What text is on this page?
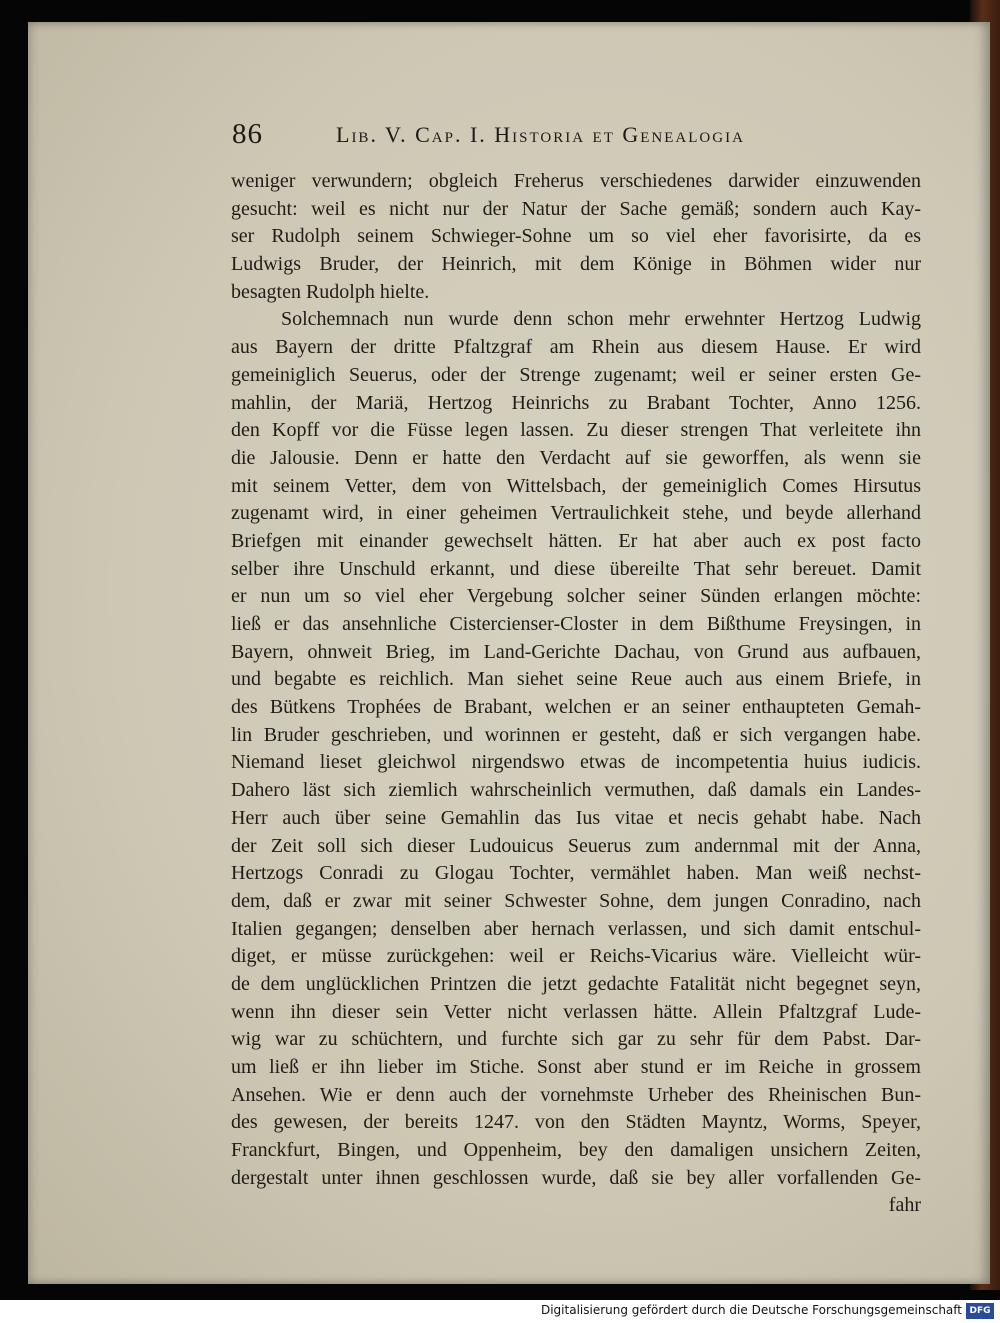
86	Lib. V. Cap. I. Historia et Genealogia
weniger verwundern; obgleich Freherus verschiedenes darwider einzuwenden
gesucht: weil es nicht nur der Natur der Sache gemäß; sondern auch Kay-
ser Rudolph seinem Schwieger-Sohne um so viel eher favorisirte, da es
Ludwigs Bruder, der Heinrich, mit dem Könige in Böhmen wider nur
besagten Rudolph hielte.
Solchemnach nun wurde denn schon mehr erwehnter Hertzog Ludwig
aus Bayern der dritte Pfaltzgraf am Rhein aus diesem Hause. Er wird
gemeiniglich Seuerus, oder der Strenge zugenamt; weil er seiner ersten Ge-
mahlin, der Mariä, Hertzog Heinrichs zu Brabant Tochter, Anno 1256.
den Kopff vor die Füsse legen lassen. Zu dieser strengen That verleitete ihn
die Jalousie. Denn er hatte den Verdacht auf sie geworffen, als wenn sie
mit seinem Vetter, dem von Wittelsbach, der gemeiniglich Comes Hirsutus
zugenamt wird, in einer geheimen Vertraulichkeit stehe, und beyde allerhand
Briefgen mit einander gewechselt hätten. Er hat aber auch ex post facto
selber ihre Unschuld erkannt, und diese übereilte That sehr bereuet. Damit
er nun um so viel eher Vergebung solcher seiner Sünden erlangen möchte:
ließ er das ansehnliche Cistercienser-Closter in dem Bißthume Freysingen, in
Bayern, ohnweit Brieg, im Land-Gerichte Dachau, von Grund aus aufbauen,
und begabte es reichlich. Man siehet seine Reue auch aus einem Briefe, in
des Bütkens Trophées de Brabant, welchen er an seiner enthaupteten Gemah-
lin Bruder geschrieben, und worinnen er gesteht, daß er sich vergangen habe.
Niemand lieset gleichwol nirgendswo etwas de incompetentia huius iudicis.
Dahero läst sich ziemlich wahrscheinlich vermuthen, daß damals ein Landes-
Herr auch über seine Gemahlin das Ius vitae et necis gehabt habe. Nach
der Zeit soll sich dieser Ludouicus Seuerus zum andernmal mit der Anna,
Hertzogs Conradi zu Glogau Tochter, vermählet haben. Man weiß nechst-
dem, daß er zwar mit seiner Schwester Sohne, dem jungen Conradino, nach
Italien gegangen; denselben aber hernach verlassen, und sich damit entschul-
diget, er müsse zurückgehen: weil er Reichs-Vicarius wäre. Vielleicht wür-
de dem unglücklichen Printzen die jetzt gedachte Fatalität nicht begegnet seyn,
wenn ihn dieser sein Vetter nicht verlassen hätte. Allein Pfaltzgraf Lude-
wig war zu schüchtern, und furchte sich gar zu sehr für dem Pabst. Dar-
um ließ er ihn lieber im Stiche. Sonst aber stund er im Reiche in grossem
Ansehen. Wie er denn auch der vornehmste Urheber des Rheinischen Bun-
des gewesen, der bereits 1247. von den Städten Mayntz, Worms, Speyer,
Franckfurt, Bingen, und Oppenheim, bey den damaligen unsichern Zeiten,
dergestalt unter ihnen geschlossen wurde, daß sie bey aller vorfallenden Ge-
fahr
Digitalisierung gefördert durch die Deutsche Forschungsgemeinschaft DFG
